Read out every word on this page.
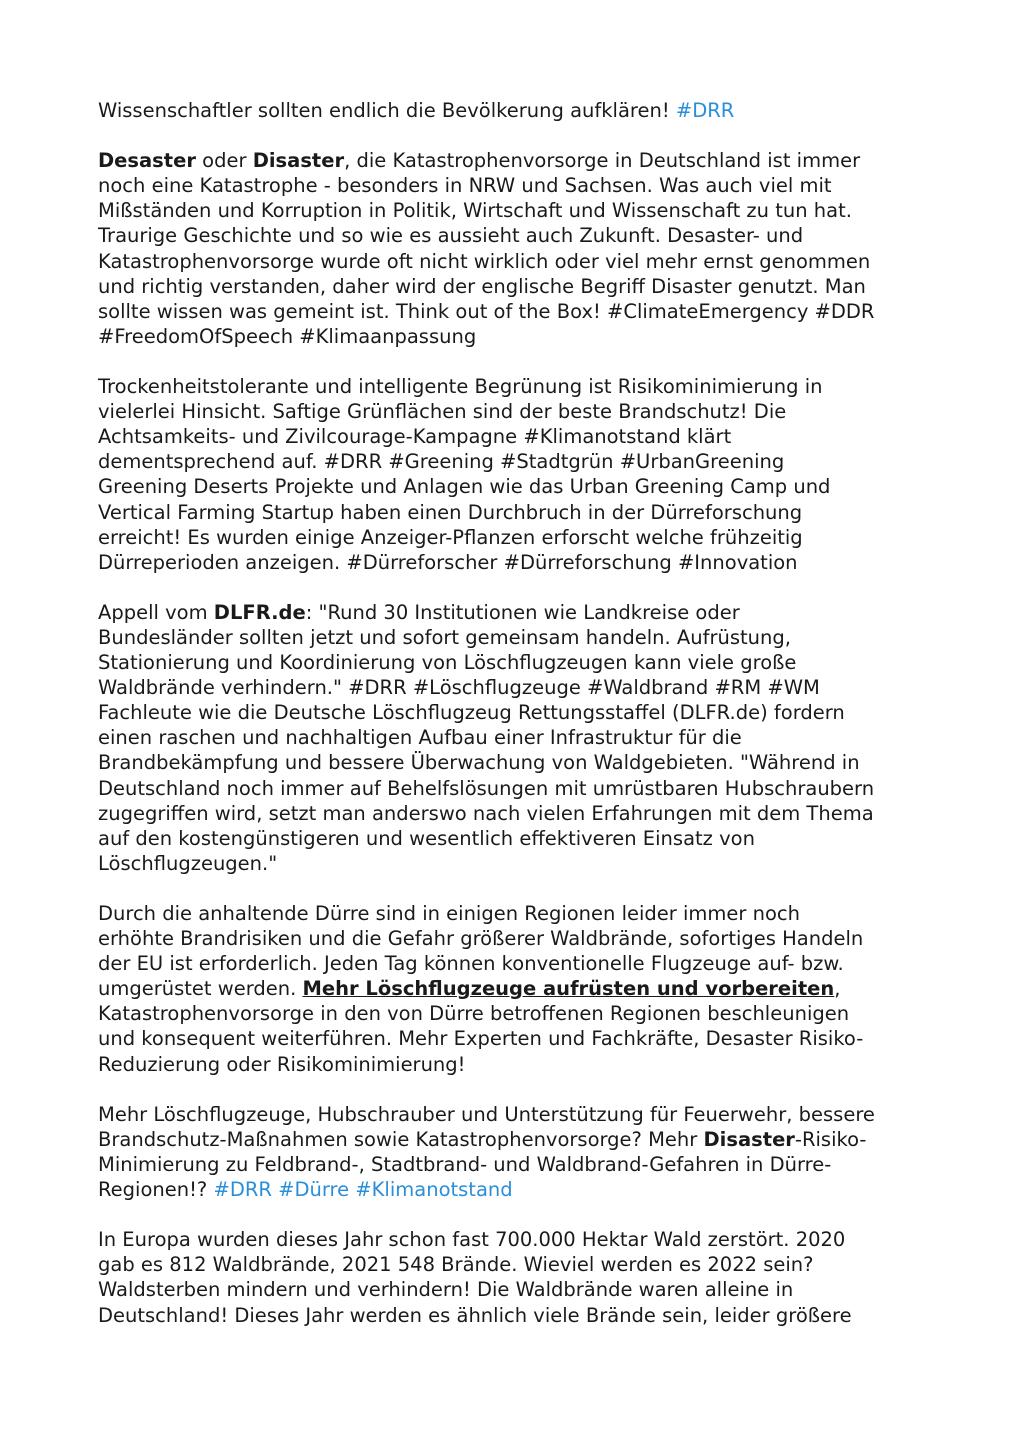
Wissenschaftler sollten endlich die Bevölkerung aufklären! #DRR

Desaster oder Disaster, die Katastrophenvorsorge in Deutschland ist immer
noch eine Katastrophe - besonders in NRW und Sachsen. Was auch viel mit
Mißständen und Korruption in Politik, Wirtschaft und Wissenschaft zu tun hat.
Traurige Geschichte und so wie es aussieht auch Zukunft. Desaster- und
Katastrophenvorsorge wurde oft nicht wirklich oder viel mehr ernst genommen
und richtig verstanden, daher wird der englische Begriff Disaster genutzt. Man
sollte wissen was gemeint ist. Think out of the Box! #ClimateEmergency #DDR
#FreedomOfSpeech #Klimaanpassung

Trockenheitstolerante und intelligente Begrünung ist Risikominimierung in
vielerlei Hinsicht. Saftige Grünflächen sind der beste Brandschutz! Die
Achtsamkeits- und Zivilcourage-Kampagne #Klimanotstand klärt
dementsprechend auf. #DRR #Greening #Stadtgrün #UrbanGreening
Greening Deserts Projekte und Anlagen wie das Urban Greening Camp und
Vertical Farming Startup haben einen Durchbruch in der Dürreforschung
erreicht! Es wurden einige Anzeiger-Pflanzen erforscht welche frühzeitig
Dürreperioden anzeigen. #Dürreforscher #Dürreforschung #Innovation

Appell vom DLFR.de: "Rund 30 Institutionen wie Landkreise oder
Bundesländer sollten jetzt und sofort gemeinsam handeln. Aufrüstung,
Stationierung und Koordinierung von Löschflugzeugen kann viele große
Waldbrände verhindern." #DRR #Löschflugzeuge #Waldbrand #RM #WM
Fachleute wie die Deutsche Löschflugzeug Rettungsstaffel (DLFR.de) fordern
einen raschen und nachhaltigen Aufbau einer Infrastruktur für die
Brandbekämpfung und bessere Überwachung von Waldgebieten. "Während in
Deutschland noch immer auf Behelfslösungen mit umrüstbaren Hubschraubern
zugegriffen wird, setzt man anderswo nach vielen Erfahrungen mit dem Thema
auf den kostengünstigeren und wesentlich effektiveren Einsatz von
Löschflugzeugen."

Durch die anhaltende Dürre sind in einigen Regionen leider immer noch
erhöhte Brandrisiken und die Gefahr größerer Waldbrände, sofortiges Handeln
der EU ist erforderlich. Jeden Tag können konventionelle Flugzeuge auf- bzw.
umgerüstet werden. Mehr Löschflugzeuge aufrüsten und vorbereiten,
Katastrophenvorsorge in den von Dürre betroffenen Regionen beschleunigen
und konsequent weiterführen. Mehr Experten und Fachkräfte, Desaster Risiko-
Reduzierung oder Risikominimierung!

Mehr Löschflugzeuge, Hubschrauber und Unterstützung für Feuerwehr, bessere
Brandschutz-Maßnahmen sowie Katastrophenvorsorge? Mehr Disaster-Risiko-
Minimierung zu Feldbrand-, Stadtbrand- und Waldbrand-Gefahren in Dürre-
Regionen!? #DRR #Dürre #Klimanotstand

In Europa wurden dieses Jahr schon fast 700.000 Hektar Wald zerstört. 2020
gab es 812 Waldbrände, 2021 548 Brände. Wieviel werden es 2022 sein?
Waldsterben mindern und verhindern! Die Waldbrände waren alleine in
Deutschland! Dieses Jahr werden es ähnlich viele Brände sein, leider größere
